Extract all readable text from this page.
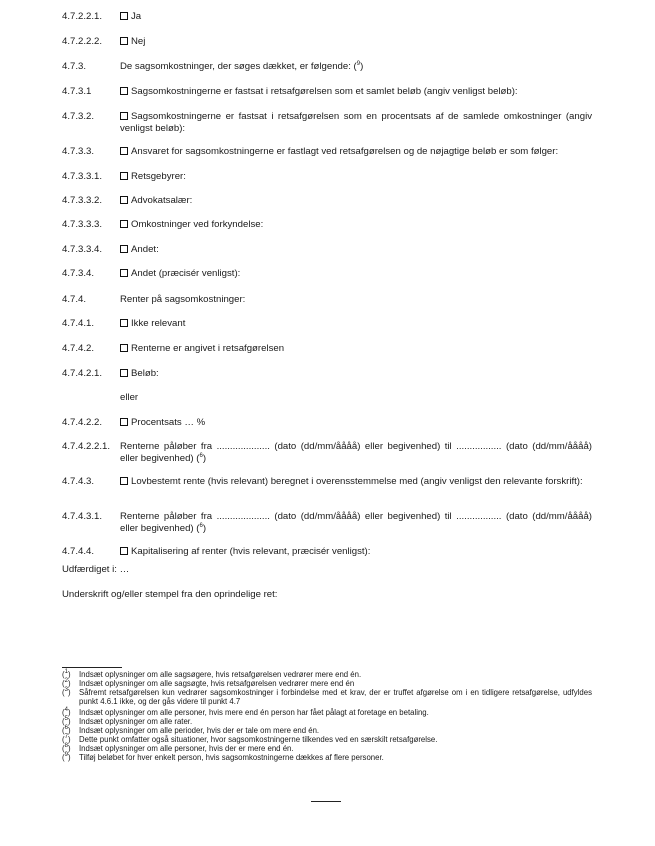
4.7.2.2.1.	Ja
4.7.2.2.2.	Nej
4.7.3.	De sagsomkostninger, der søges dækket, er følgende: ($^9$)
4.7.3.1	Sagsomkostningerne er fastsat i retsafgørelsen som et samlet beløb (angiv venligst beløb):
4.7.3.2.	Sagsomkostningerne er fastsat i retsafgørelsen som en procentsats af de samlede omkostninger (angiv venligst beløb):
4.7.3.3.	Ansvaret for sagsomkostningerne er fastlagt ved retsafgørelsen og de nøjagtige beløb er som følger:
4.7.3.3.1.	Retsgebyrer:
4.7.3.3.2.	Advokatsalær:
4.7.3.3.3.	Omkostninger ved forkyndelse:
4.7.3.3.4.	Andet:
4.7.3.4.	Andet (præcisér venligst):
4.7.4.	Renter på sagsomkostninger:
4.7.4.1.	Ikke relevant
4.7.4.2.	Renterne er angivet i retsafgørelsen
4.7.4.2.1.	Beløb:
eller
4.7.4.2.2.	Procentsats … %
4.7.4.2.2.1.	Renterne påløber fra .................... (dato (dd/mm/åååå) eller begivenhed) til ................. (dato (dd/mm/åååå) eller begivenhed) ($^6$)
4.7.4.3.	Lovbestemt rente (hvis relevant) beregnet i overensstemmelse med (angiv venligst den relevante forskrift):
4.7.4.3.1.	Renterne påløber fra .................... (dato (dd/mm/åååå) eller begivenhed) til ................. (dato (dd/mm/åååå) eller begivenhed) ($^6$)
4.7.4.4.	Kapitalisering af renter (hvis relevant, præcisér venligst):
Udfærdiget i: …
Underskrift og/eller stempel fra den oprindelige ret:
($^1$)	Indsæt oplysninger om alle sagsøgere, hvis retsafgørelsen vedrører mere end én.
($^2$)	Indsæt oplysninger om alle sagsøgte, hvis retsafgørelsen vedrører mere end én
($^3$)	Såfremt retsafgørelsen kun vedrører sagsomkostninger i forbindelse med et krav, der er truffet afgørelse om i en tidligere retsafgørelse, udfyldes punkt 4.6.1 ikke, og der gås videre til punkt 4.7
($^4$)	Indsæt oplysninger om alle personer, hvis mere end én person har fået pålagt at foretage en betaling.
($^5$)	Indsæt oplysninger om alle rater.
($^6$)	Indsæt oplysninger om alle perioder, hvis der er tale om mere end én.
($^7$)	Dette punkt omfatter også situationer, hvor sagsomkostningerne tilkendes ved en særskilt retsafgørelse.
($^8$)	Indsæt oplysninger om alle personer, hvis der er mere end én.
($^9$)	Tilføj beløbet for hver enkelt person, hvis sagsomkostningerne dækkes af flere personer.
